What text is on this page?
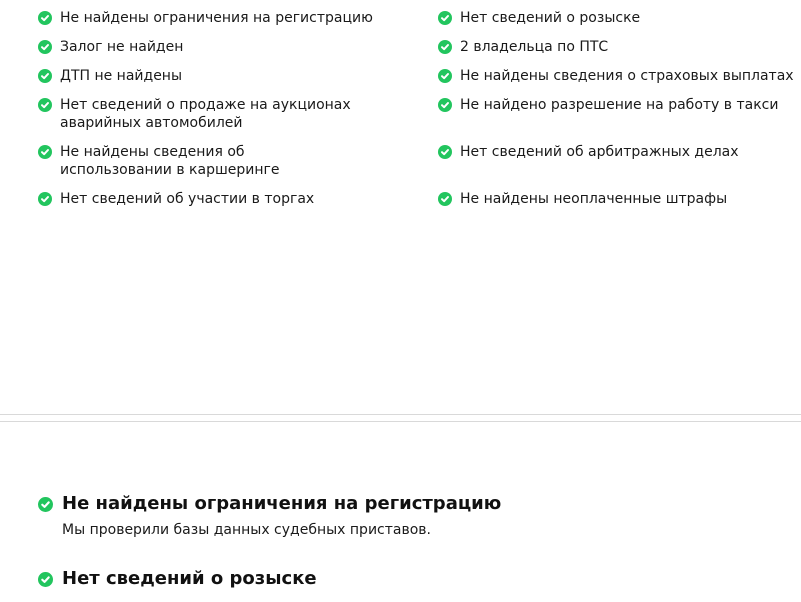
Не найдены ограничения на регистрацию
Залог не найден
ДТП не найдены
Нет сведений о продаже на аукционах аварийных автомобилей
Не найдены сведения об использовании в каршеринге
Нет сведений об участии в торгах
Нет сведений о розыске
2 владельца по ПТС
Не найдены сведения о страховых выплатах
Не найдено разрешение на работу в такси
Нет сведений об арбитражных делах
Не найдены неоплаченные штрафы
Не найдены ограничения на регистрацию
Мы проверили базы данных судебных приставов.
Нет сведений о розыске
